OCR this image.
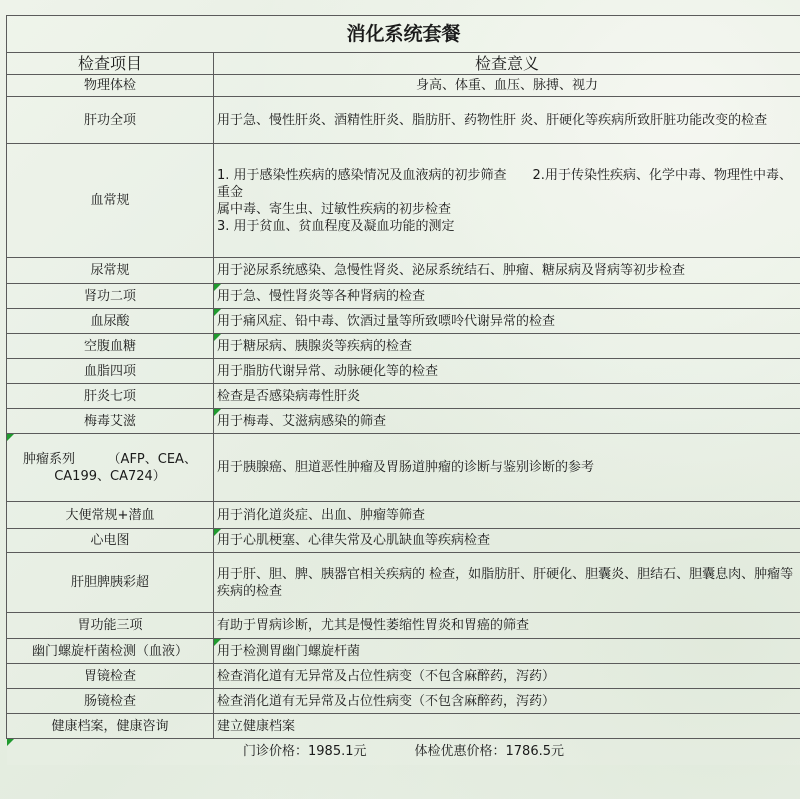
消化系统套餐	
检查项目	检查意义
物理体检	身高、体重、血压、脉搏、视力
肝功全项	用于急、慢性肝炎、酒精性肝炎、脂肪肝、药物性肝 炎、肝硬化等疾病所致肝脏功能改变的检查
血常规	1. 用于感染性疾病的感染情况及血液病的初步筛查　　2.用于传染性疾病、化学中毒、物理性中毒、重金
属中毒、寄生虫、过敏性疾病的初步检查
3. 用于贫血、贫血程度及凝血功能的测定

尿常规	用于泌尿系统感染、急慢性肾炎、泌尿系统结石、肿瘤、糖尿病及肾病等初步检查
肾功二项	用于急、慢性肾炎等各种肾病的检查
血尿酸	用于痛风症、铅中毒、饮酒过量等所致嘌呤代谢异常的检查
空腹血糖	用于糖尿病、胰腺炎等疾病的检查
血脂四项	用于脂肪代谢异常、动脉硬化等的检查
肝炎七项	检查是否感染病毒性肝炎
梅毒艾滋	用于梅毒、艾滋病感染的筛查
肿瘤系列　　　（AFP、CEA、CA199、CA724）	用于胰腺癌、胆道恶性肿瘤及胃肠道肿瘤的诊断与鉴别诊断的参考
大便常规+潜血	用于消化道炎症、出血、肿瘤等筛查
心电图	用于心肌梗塞、心律失常及心肌缺血等疾病检查
肝胆脾胰彩超	用于肝、胆、脾、胰器官相关疾病的 检查，如脂肪肝、肝硬化、胆囊炎、胆结石、胆囊息肉、肿瘤等疾病的检查
胃功能三项	有助于胃病诊断，尤其是慢性萎缩性胃炎和胃癌的筛查
幽门螺旋杆菌检测（血液）	用于检测胃幽门螺旋杆菌
胃镜检查	检查消化道有无异常及占位性病变（不包含麻醉药，泻药）
肠镜检查	检查消化道有无异常及占位性病变（不包含麻醉药，泻药）
健康档案，健康咨询	建立健康档案
门诊价格：1985.1元 体检优惠价格：1786.5元	
